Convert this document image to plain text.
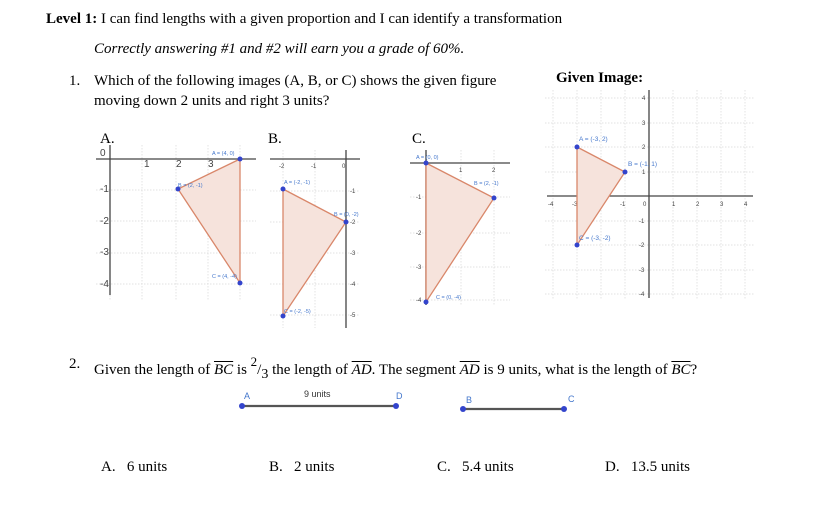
Level 1: I can find lengths with a given proportion and I can identify a transformation
Correctly answering #1 and #2 will earn you a grade of 60%.
1. Which of the following images (A, B, or C) shows the given figure
moving down 2 units and right 3 units?
Given Image:
A.	B.	C.
0
1	2	3
-1
-2
-3
-4
A = (4, 0)
B = (2, -1)
C = (4, -4)
-2	-1	0
-1
-2
-3
-4
-5
A = (-2, -1)
B = (0, -2)
C = (-2, -5)
1	2
-1
-2
-3
-4
A = (0, 0)
B = (2, -1)
C = (0, -4)
-4	-3	-1	0	1	2	3	4
4
3
2
1
-1
-2
-3
-4
A = (-3, 2)
B = (-1, 1)
C = (-3, -2)
2. Given the length of $\overline{BC}$ is $^2/_3$ the length of $\overline{AD}$. The segment $\overline{AD}$ is 9 units, what is the length of $\overline{BC}$?
A	D
9 units
B	C
A. 6 units	B. 2 units	C. 5.4 units	D. 13.5 units
